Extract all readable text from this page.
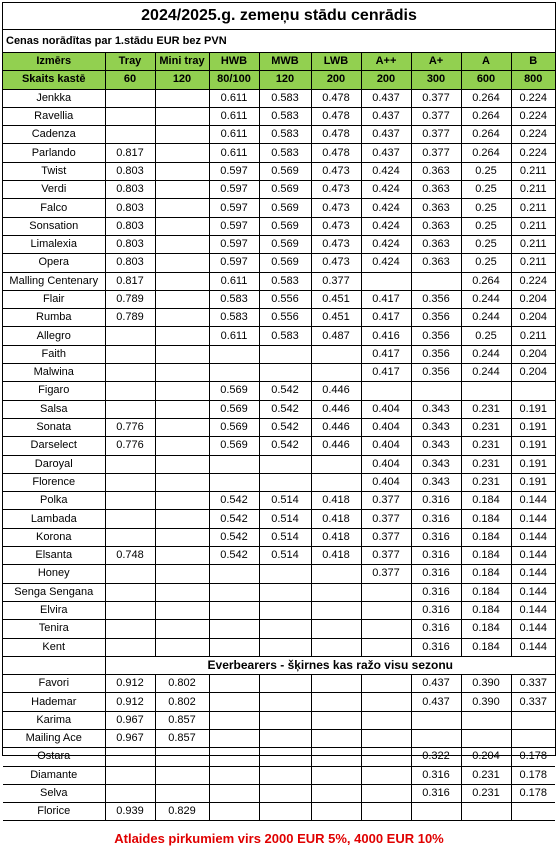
2024/2025.g. zemeņu stādu cenrādis
Cenas norādītas par 1.stādu EUR bez PVN
Izmērs	Tray	Mini tray	HWB	MWB	LWB	A++	A+	A	B
Skaits kastē	60	120	80/100	120	200	200	300	600	800
Jenkka			0.611	0.583	0.478	0.437	0.377	0.264	0.224
Ravellia			0.611	0.583	0.478	0.437	0.377	0.264	0.224
Cadenza			0.611	0.583	0.478	0.437	0.377	0.264	0.224
Parlando	0.817		0.611	0.583	0.478	0.437	0.377	0.264	0.224
Twist	0.803		0.597	0.569	0.473	0.424	0.363	0.25	0.211
Verdi	0.803		0.597	0.569	0.473	0.424	0.363	0.25	0.211
Falco	0.803		0.597	0.569	0.473	0.424	0.363	0.25	0.211
Sonsation	0.803		0.597	0.569	0.473	0.424	0.363	0.25	0.211
Limalexia	0.803		0.597	0.569	0.473	0.424	0.363	0.25	0.211
Opera	0.803		0.597	0.569	0.473	0.424	0.363	0.25	0.211
Malling Centenary	0.817		0.611	0.583	0.377			0.264	0.224
Flair	0.789		0.583	0.556	0.451	0.417	0.356	0.244	0.204
Rumba	0.789		0.583	0.556	0.451	0.417	0.356	0.244	0.204
Allegro			0.611	0.583	0.487	0.416	0.356	0.25	0.211
Faith						0.417	0.356	0.244	0.204
Malwina						0.417	0.356	0.244	0.204
Figaro			0.569	0.542	0.446				
Salsa			0.569	0.542	0.446	0.404	0.343	0.231	0.191
Sonata	0.776		0.569	0.542	0.446	0.404	0.343	0.231	0.191
Darselect	0.776		0.569	0.542	0.446	0.404	0.343	0.231	0.191
Daroyal						0.404	0.343	0.231	0.191
Florence						0.404	0.343	0.231	0.191
Polka			0.542	0.514	0.418	0.377	0.316	0.184	0.144
Lambada			0.542	0.514	0.418	0.377	0.316	0.184	0.144
Korona			0.542	0.514	0.418	0.377	0.316	0.184	0.144
Elsanta	0.748		0.542	0.514	0.418	0.377	0.316	0.184	0.144
Honey						0.377	0.316	0.184	0.144
Senga Sengana							0.316	0.184	0.144
Elvira							0.316	0.184	0.144
Tenira							0.316	0.184	0.144
Kent							0.316	0.184	0.144
	Everbearers - šķirnes kas ražo visu sezonu								
Favori	0.912	0.802					0.437	0.390	0.337
Hademar	0.912	0.802					0.437	0.390	0.337
Karima	0.967	0.857							
Mailing Ace	0.967	0.857							
Ostara							0.322	0.204	0.178
Diamante							0.316	0.231	0.178
Selva							0.316	0.231	0.178
Florice	0.939	0.829							
Atlaides pirkumiem virs 2000 EUR 5%, 4000 EUR 10%
